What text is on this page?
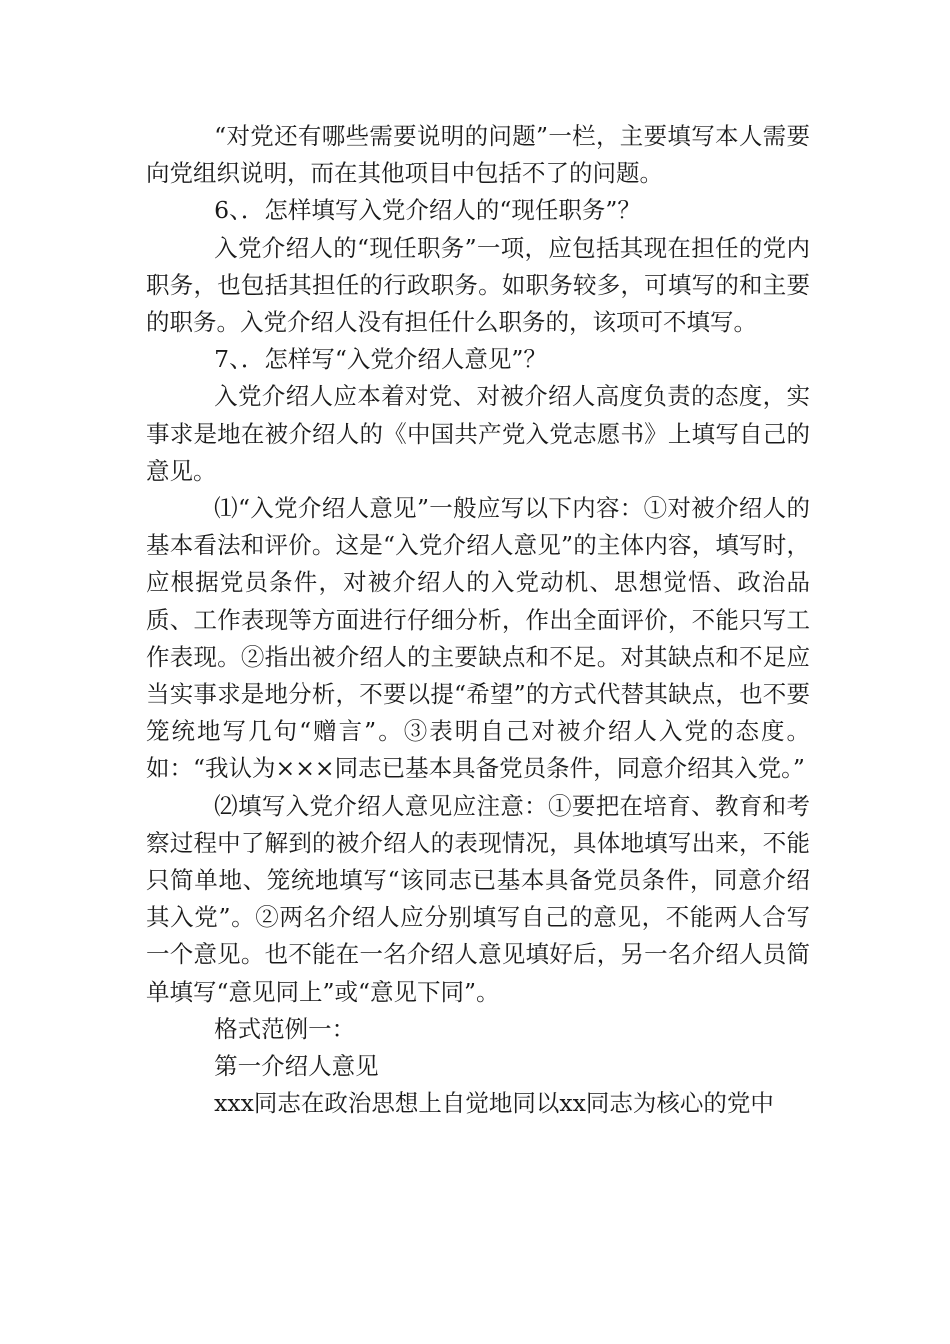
“对党还有哪些需要说明的问题”一栏，主要填写本人需要向党组织说明，而在其他项目中包括不了的问题。

6、．怎样填写入党介绍人的“现任职务”？

入党介绍人的“现任职务”一项，应包括其现在担任的党内职务，也包括其担任的行政职务。如职务较多，可填写的和主要的职务。入党介绍人没有担任什么职务的，该项可不填写。

7、．怎样写“入党介绍人意见”？

入党介绍人应本着对党、对被介绍人高度负责的态度，实事求是地在被介绍人的《中国共产党入党志愿书》上填写自己的意见。

⑴“入党介绍人意见”一般应写以下内容：①对被介绍人的基本看法和评价。这是“入党介绍人意见”的主体内容，填写时，应根据党员条件，对被介绍人的入党动机、思想觉悟、政治品质、工作表现等方面进行仔细分析，作出全面评价，不能只写工作表现。②指出被介绍人的主要缺点和不足。对其缺点和不足应当实事求是地分析，不要以提“希望”的方式代替其缺点，也不要笼统地写几句“赠言”。③表明自己对被介绍人入党的态度。如：“我认为×××同志已基本具备党员条件，同意介绍其入党。”

⑵填写入党介绍人意见应注意：①要把在培育、教育和考察过程中了解到的被介绍人的表现情况，具体地填写出来，不能只简单地、笼统地填写“该同志已基本具备党员条件，同意介绍其入党”。②两名介绍人应分别填写自己的意见，不能两人合写一个意见。也不能在一名介绍人意见填好后，另一名介绍人员简单填写“意见同上”或“意见下同”。

格式范例一：

第一介绍人意见

xxx同志在政治思想上自觉地同以xx同志为核心的党中
